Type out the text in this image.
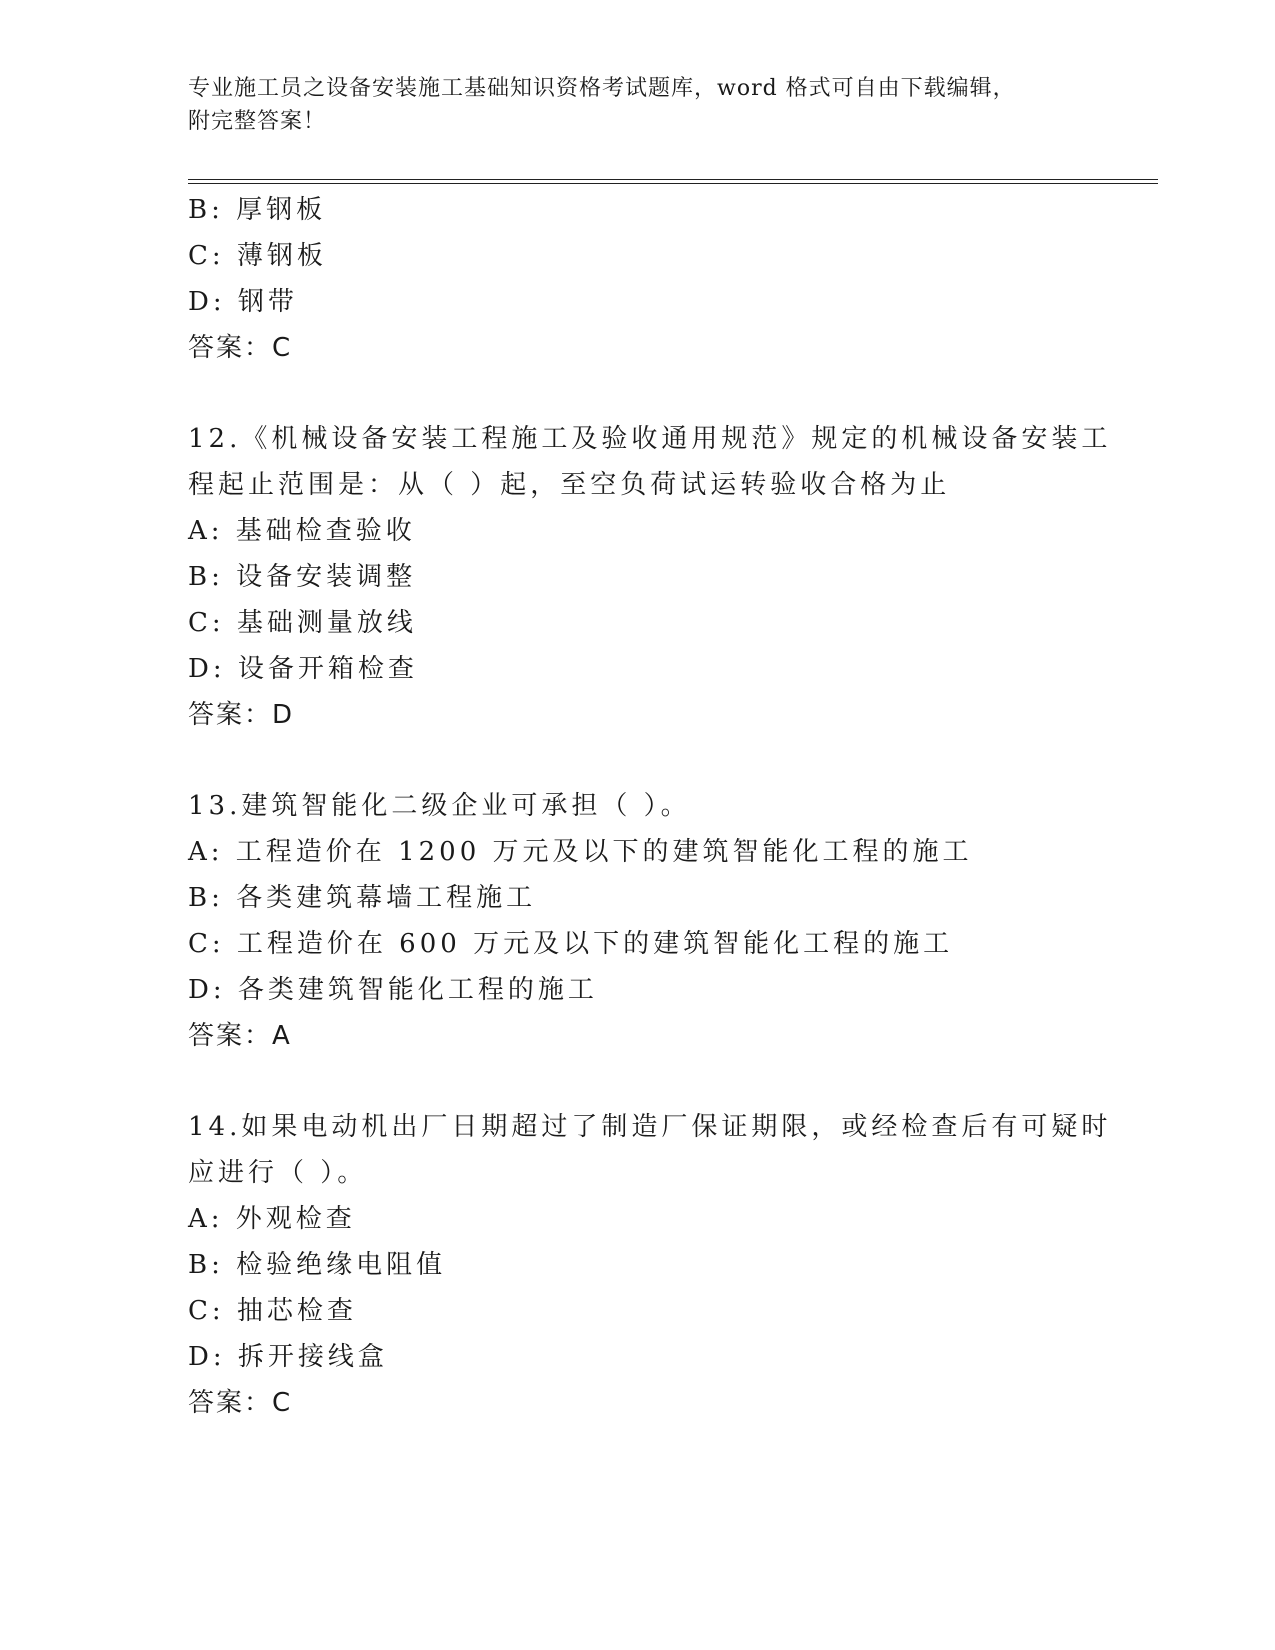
专业施工员之设备安装施工基础知识资格考试题库，word 格式可自由下载编辑，
附完整答案！
B: 厚钢板
C: 薄钢板
D: 钢带
答案：C
12.《机械设备安装工程施工及验收通用规范》规定的机械设备安装工
程起止范围是：从（ ）起，至空负荷试运转验收合格为止
A: 基础检查验收
B: 设备安装调整
C: 基础测量放线
D: 设备开箱检查
答案：D
13.建筑智能化二级企业可承担（ ）。
A: 工程造价在 1200 万元及以下的建筑智能化工程的施工
B: 各类建筑幕墙工程施工
C: 工程造价在 600 万元及以下的建筑智能化工程的施工
D: 各类建筑智能化工程的施工
答案：A
14.如果电动机出厂日期超过了制造厂保证期限，或经检查后有可疑时
应进行（ ）。
A: 外观检查
B: 检验绝缘电阻值
C: 抽芯检查
D: 拆开接线盒
答案：C
